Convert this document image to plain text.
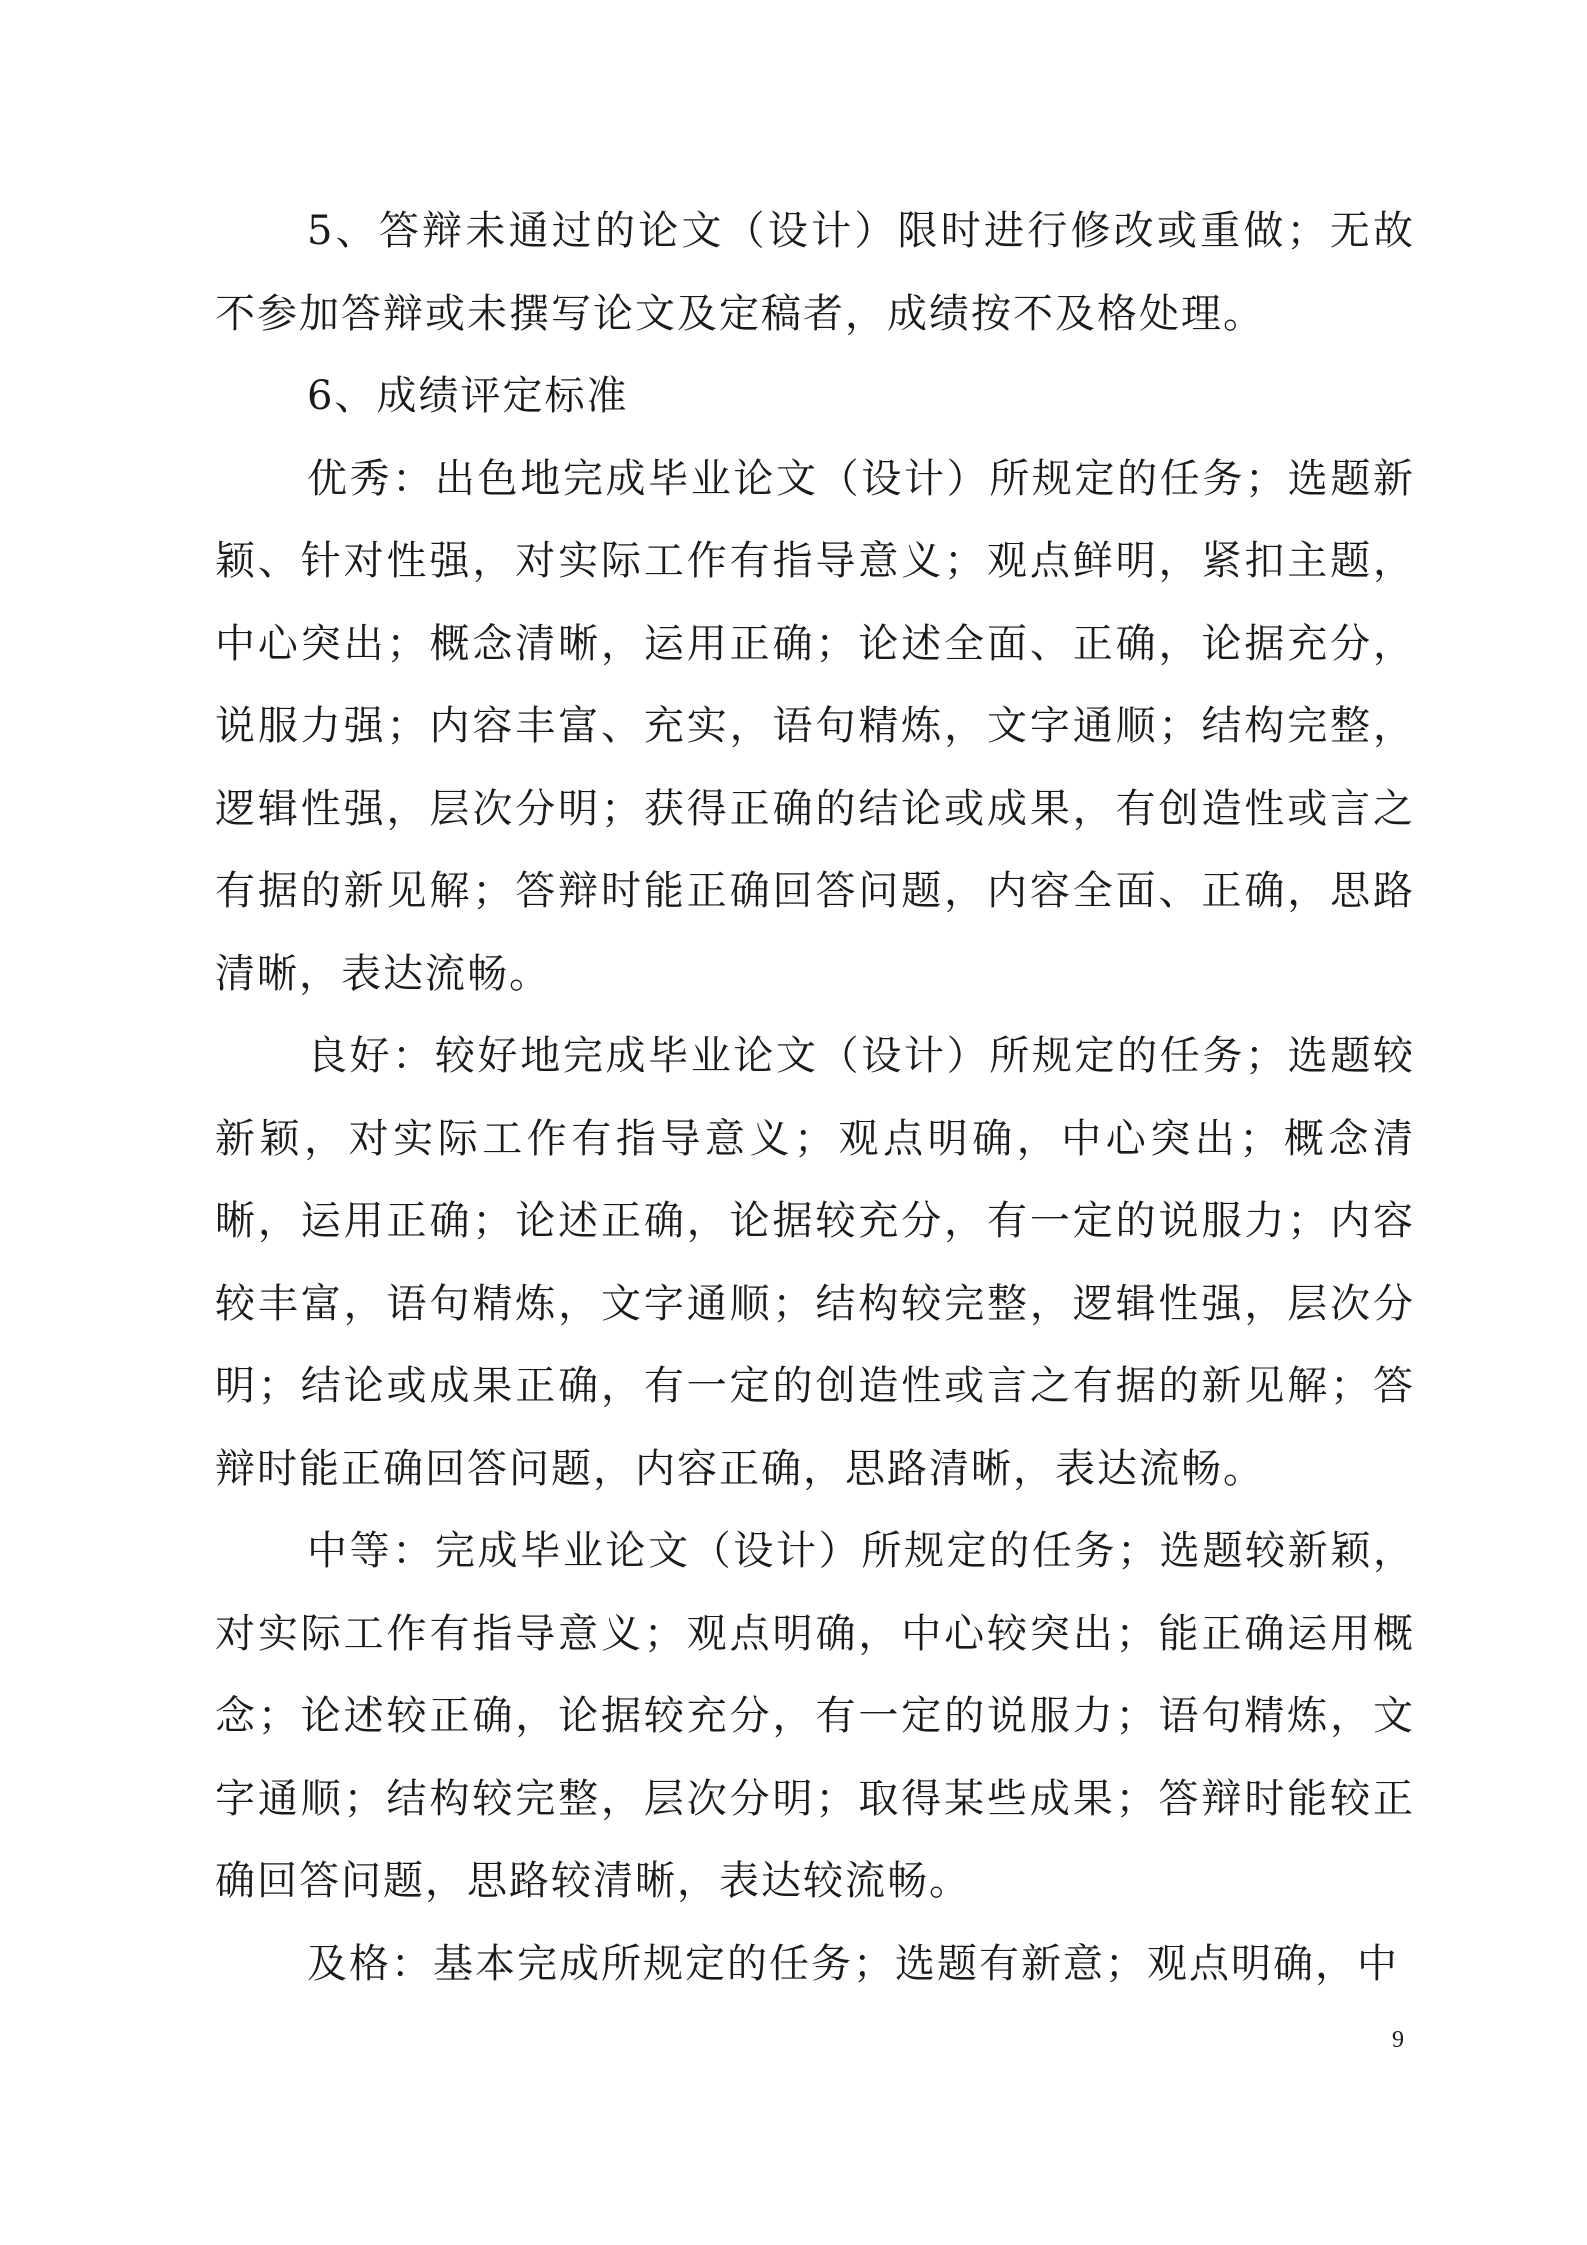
5、答辩未通过的论文（设计）限时进行修改或重做；无故不参加答辩或未撰写论文及定稿者，成绩按不及格处理。

6、成绩评定标准

优秀：出色地完成毕业论文（设计）所规定的任务；选题新颖、针对性强，对实际工作有指导意义；观点鲜明，紧扣主题，中心突出；概念清晰，运用正确；论述全面、正确，论据充分，说服力强；内容丰富、充实，语句精炼，文字通顺；结构完整，逻辑性强，层次分明；获得正确的结论或成果，有创造性或言之有据的新见解；答辩时能正确回答问题，内容全面、正确，思路清晰，表达流畅。

良好：较好地完成毕业论文（设计）所规定的任务；选题较新颖，对实际工作有指导意义；观点明确，中心突出；概念清晰，运用正确；论述正确，论据较充分，有一定的说服力；内容较丰富，语句精炼，文字通顺；结构较完整，逻辑性强，层次分明；结论或成果正确，有一定的创造性或言之有据的新见解；答辩时能正确回答问题，内容正确，思路清晰，表达流畅。

中等：完成毕业论文（设计）所规定的任务；选题较新颖，对实际工作有指导意义；观点明确，中心较突出；能正确运用概念；论述较正确，论据较充分，有一定的说服力；语句精炼，文字通顺；结构较完整，层次分明；取得某些成果；答辩时能较正确回答问题，思路较清晰，表达较流畅。

及格：基本完成所规定的任务；选题有新意；观点明确，中

9
